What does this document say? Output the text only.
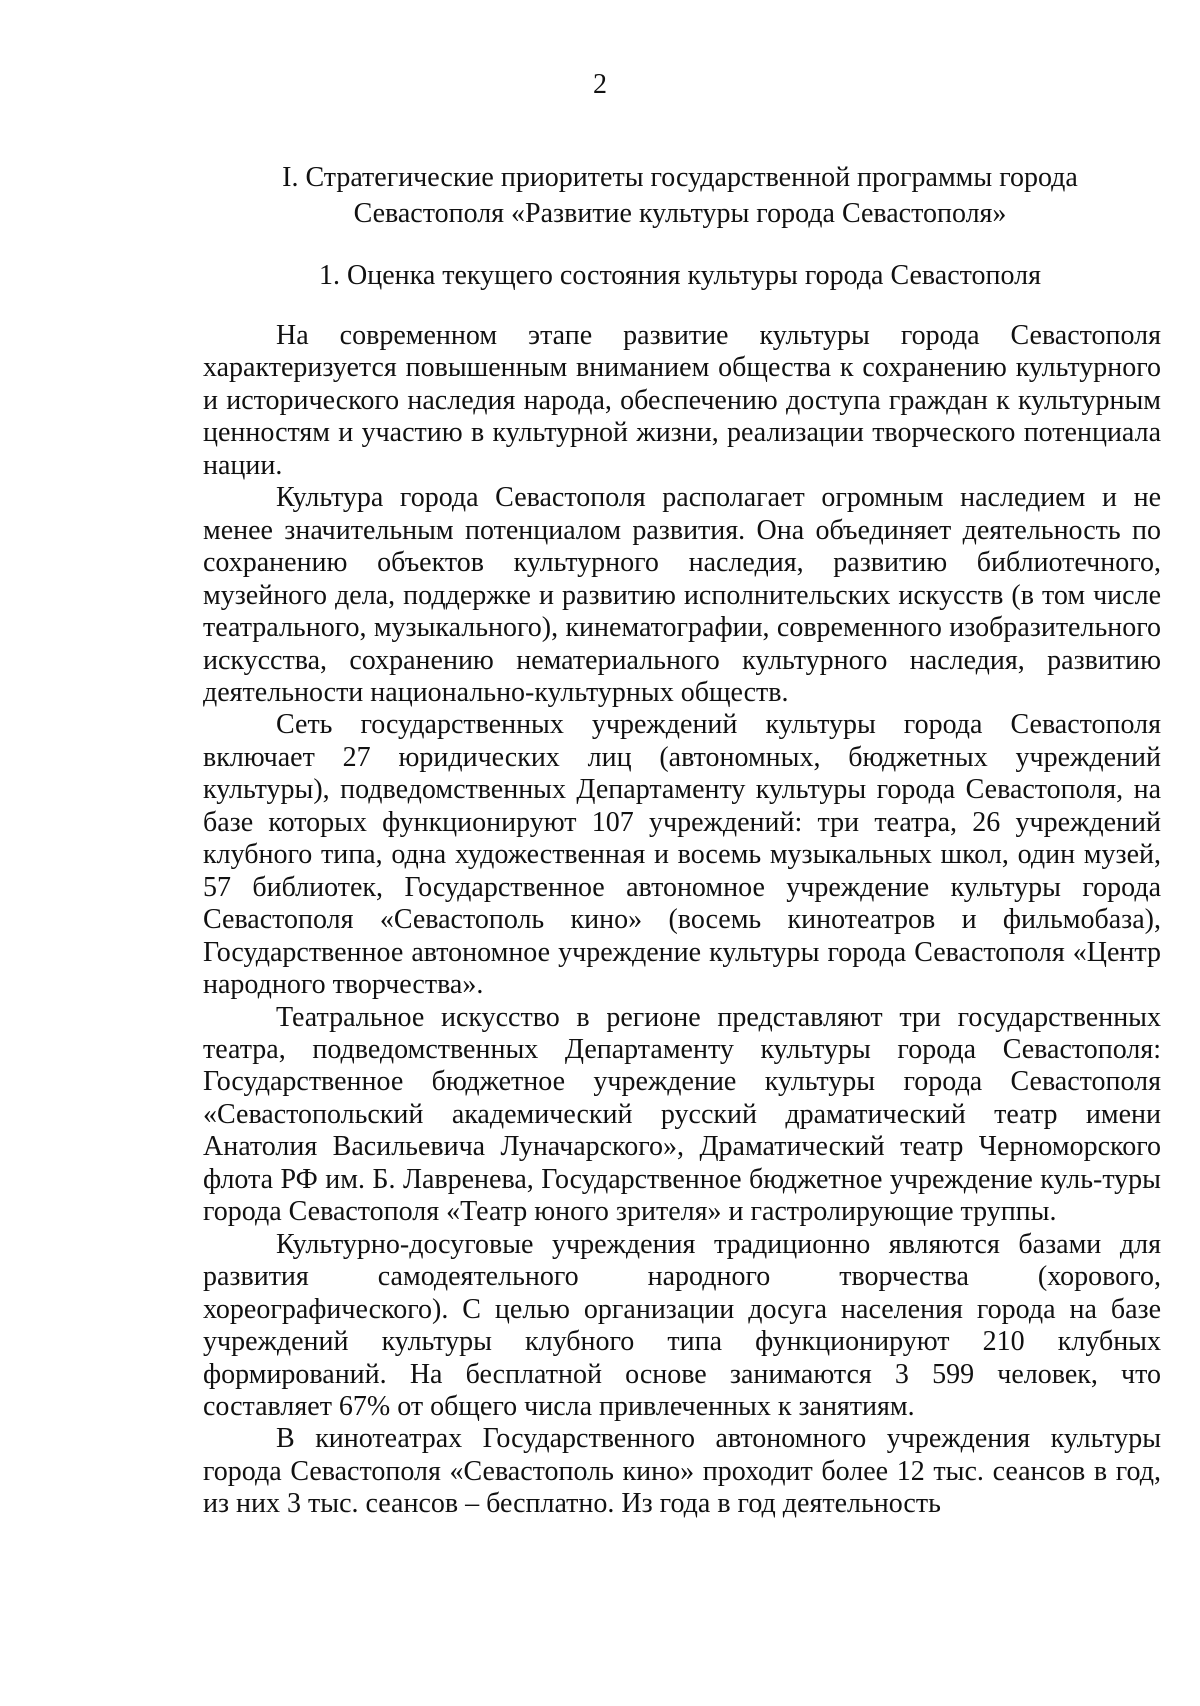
2
I. Стратегические приоритеты государственной программы города
Севастополя «Развитие культуры города Севастополя»
1. Оценка текущего состояния культуры города Севастополя

На современном этапе развитие культуры города Севастополя характеризуется повышенным вниманием общества к сохранению культурного и исторического наследия народа, обеспечению доступа граждан к культурным ценностям и участию в культурной жизни, реализации творческого потенциала нации.

Культура города Севастополя располагает огромным наследием и не менее значительным потенциалом развития. Она объединяет деятельность по сохранению объектов культурного наследия, развитию библиотечного, музейного дела, поддержке и развитию исполнительских искусств (в том числе театрального, музыкального), кинематографии, современного изобразительного искусства, сохранению нематериального культурного наследия, развитию деятельности национально-культурных обществ.

Сеть государственных учреждений культуры города Севастополя включает 27 юридических лиц (автономных, бюджетных учреждений культуры), подведомственных Департаменту культуры города Севастополя, на базе которых функционируют 107 учреждений: три театра, 26 учреждений клубного типа, одна художественная и восемь музыкальных школ, один музей, 57 библиотек, Государственное автономное учреждение культуры города Севастополя «Севастополь кино» (восемь кинотеатров и фильмобаза), Государственное автономное учреждение культуры города Севастополя «Центр народного творчества».

Театральное искусство в регионе представляют три государственных театра, подведомственных Департаменту культуры города Севастополя: Государственное бюджетное учреждение культуры города Севастополя «Севастопольский академический русский драматический театр имени Анатолия Васильевича Луначарского», Драматический театр Черноморского флота РФ им. Б. Лавренева, Государственное бюджетное учреждение куль-туры города Севастополя «Театр юного зрителя» и гастролирующие труппы.

Культурно-досуговые учреждения традиционно являются базами для развития самодеятельного народного творчества (хорового, хореографического). С целью организации досуга населения города на базе учреждений культуры клубного типа функционируют 210 клубных формирований. На бесплатной основе занимаются 3 599 человек, что составляет 67% от общего числа привлеченных к занятиям.

В кинотеатрах Государственного автономного учреждения культуры города Севастополя «Севастополь кино» проходит более 12 тыс. сеансов в год, из них 3 тыс. сеансов – бесплатно. Из года в год деятельность
